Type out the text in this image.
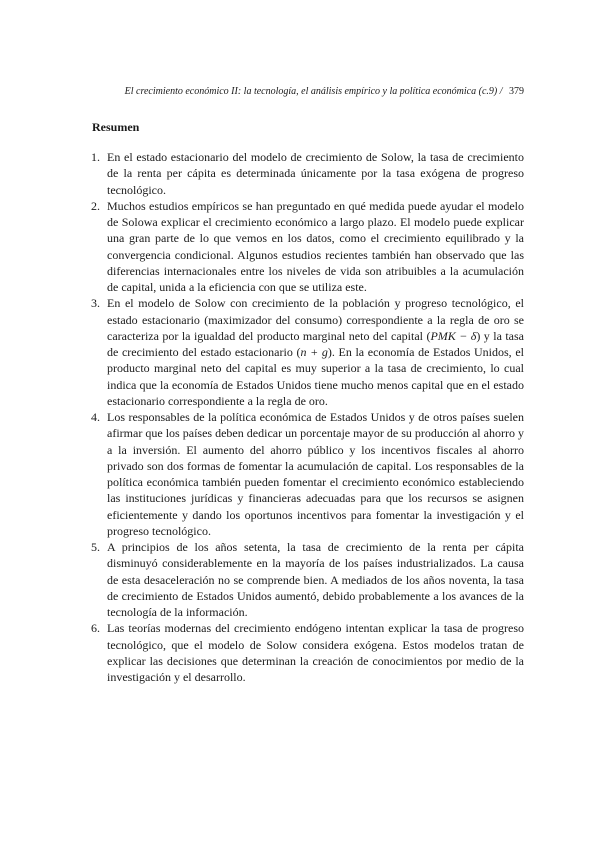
El crecimiento económico II: la tecnología, el análisis empírico y la política económica (c.9) / 379
Resumen
1. En el estado estacionario del modelo de crecimiento de Solow, la tasa de crecimiento de la renta per cápita es determinada únicamente por la tasa exógena de progreso tecnológico.
2. Muchos estudios empíricos se han preguntado en qué medida puede ayudar el modelo de Solowa explicar el crecimiento económico a largo plazo. El modelo puede explicar una gran parte de lo que vemos en los datos, como el crecimiento equilibrado y la convergencia condicional. Algunos estudios recientes también han observado que las diferencias internacionales entre los niveles de vida son atribuibles a la acumulación de capital, unida a la eficiencia con que se utiliza este.
3. En el modelo de Solow con crecimiento de la población y progreso tecnológico, el estado estacionario (maximizador del consumo) correspondiente a la regla de oro se caracteriza por la igualdad del producto marginal neto del capital (PMK − δ) y la tasa de crecimiento del estado estacionario (n + g). En la economía de Estados Unidos, el producto marginal neto del capital es muy superior a la tasa de crecimiento, lo cual indica que la economía de Estados Unidos tiene mucho menos capital que en el estado estacionario correspondiente a la regla de oro.
4. Los responsables de la política económica de Estados Unidos y de otros países suelen afirmar que los países deben dedicar un porcentaje mayor de su producción al ahorro y a la inversión. El aumento del ahorro público y los incentivos fiscales al ahorro privado son dos formas de fomentar la acumulación de capital. Los responsables de la política económica también pueden fomentar el crecimiento económico estableciendo las instituciones jurídicas y financieras adecuadas para que los recursos se asignen eficientemente y dando los oportunos incentivos para fomentar la investigación y el progreso tecnológico.
5. A principios de los años setenta, la tasa de crecimiento de la renta per cápita disminuyó considerablemente en la mayoría de los países industrializados. La causa de esta desaceleración no se comprende bien. A mediados de los años noventa, la tasa de crecimiento de Estados Unidos aumentó, debido probablemente a los avances de la tecnología de la información.
6. Las teorías modernas del crecimiento endógeno intentan explicar la tasa de progreso tecnológico, que el modelo de Solow considera exógena. Estos modelos tratan de explicar las decisiones que determinan la creación de conocimientos por medio de la investigación y el desarrollo.
